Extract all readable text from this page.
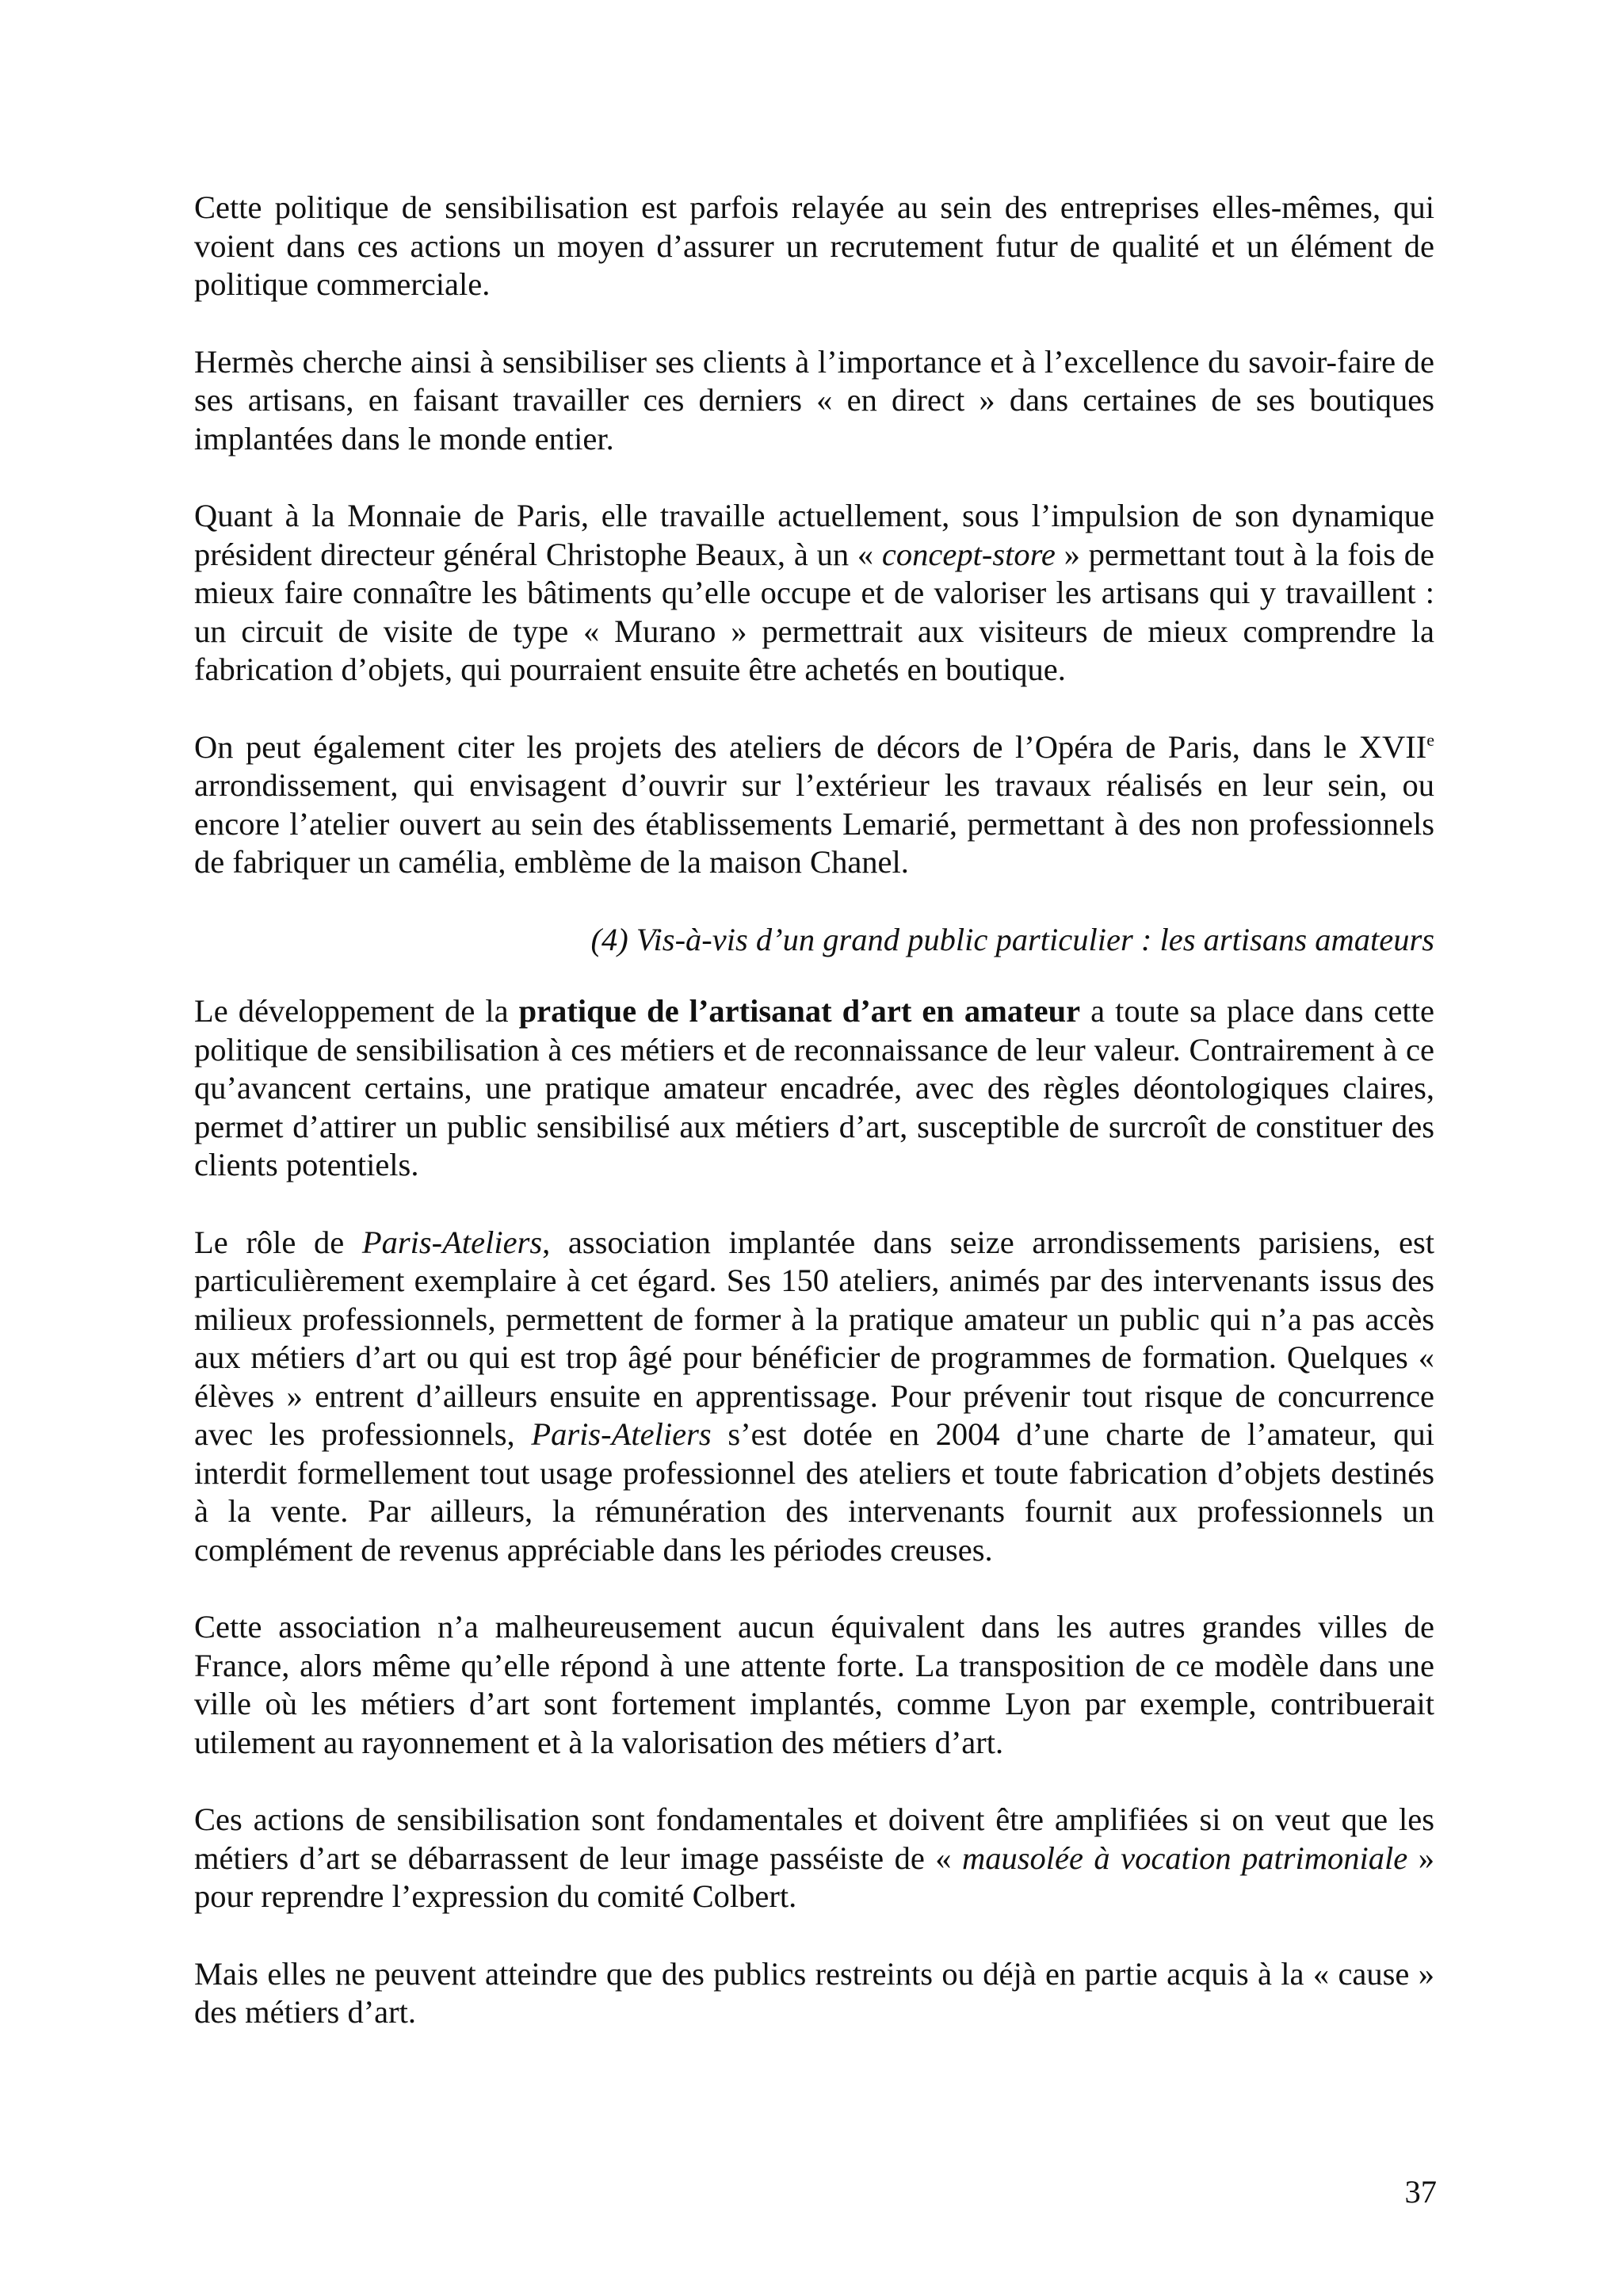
Cette politique de sensibilisation est parfois relayée au sein des entreprises elles-mêmes, qui voient dans ces actions un moyen d’assurer un recrutement futur de qualité et un élément de politique commerciale.

Hermès cherche ainsi à sensibiliser ses clients à l’importance et à l’excellence du savoir-faire de ses artisans, en faisant travailler ces derniers « en direct » dans certaines de ses boutiques implantées dans le monde entier.

Quant à la Monnaie de Paris, elle travaille actuellement, sous l’impulsion de son dynamique président directeur général Christophe Beaux, à un « concept-store » permettant tout à la fois de mieux faire connaître les bâtiments qu’elle occupe et de valoriser les artisans qui y travaillent : un circuit de visite de type « Murano » permettrait aux visiteurs de mieux comprendre la fabrication d’objets, qui pourraient ensuite être achetés en boutique.

On peut également citer les projets des ateliers de décors de l’Opéra de Paris, dans le XVIIe arrondissement, qui envisagent d’ouvrir sur l’extérieur les travaux réalisés en leur sein, ou encore l’atelier ouvert au sein des établissements Lemarié, permettant à des non professionnels de fabriquer un camélia, emblème de la maison Chanel.

(4) Vis-à-vis d’un grand public particulier : les artisans amateurs

Le développement de la pratique de l’artisanat d’art en amateur a toute sa place dans cette politique de sensibilisation à ces métiers et de reconnaissance de leur valeur. Contrairement à ce qu’avancent certains, une pratique amateur encadrée, avec des règles déontologiques claires, permet d’attirer un public sensibilisé aux métiers d’art, susceptible de surcroît de constituer des clients potentiels.

Le rôle de Paris-Ateliers, association implantée dans seize arrondissements parisiens, est particulièrement exemplaire à cet égard. Ses 150 ateliers, animés par des intervenants issus des milieux professionnels, permettent de former à la pratique amateur un public qui n’a pas accès aux métiers d’art ou qui est trop âgé pour bénéficier de programmes de formation. Quelques « élèves » entrent d’ailleurs ensuite en apprentissage. Pour prévenir tout risque de concurrence avec les professionnels, Paris-Ateliers s’est dotée en 2004 d’une charte de l’amateur, qui interdit formellement tout usage professionnel des ateliers et toute fabrication d’objets destinés à la vente. Par ailleurs, la rémunération des intervenants fournit aux professionnels un complément de revenus appréciable dans les périodes creuses.

Cette association n’a malheureusement aucun équivalent dans les autres grandes villes de France, alors même qu’elle répond à une attente forte. La transposition de ce modèle dans une ville où les métiers d’art sont fortement implantés, comme Lyon par exemple, contribuerait utilement au rayonnement et à la valorisation des métiers d’art.

Ces actions de sensibilisation sont fondamentales et doivent être amplifiées si on veut que les métiers d’art se débarrassent de leur image passéiste de « mausolée à vocation patrimoniale » pour reprendre l’expression du comité Colbert.

Mais elles ne peuvent atteindre que des publics restreints ou déjà en partie acquis à la « cause » des métiers d’art.

37
